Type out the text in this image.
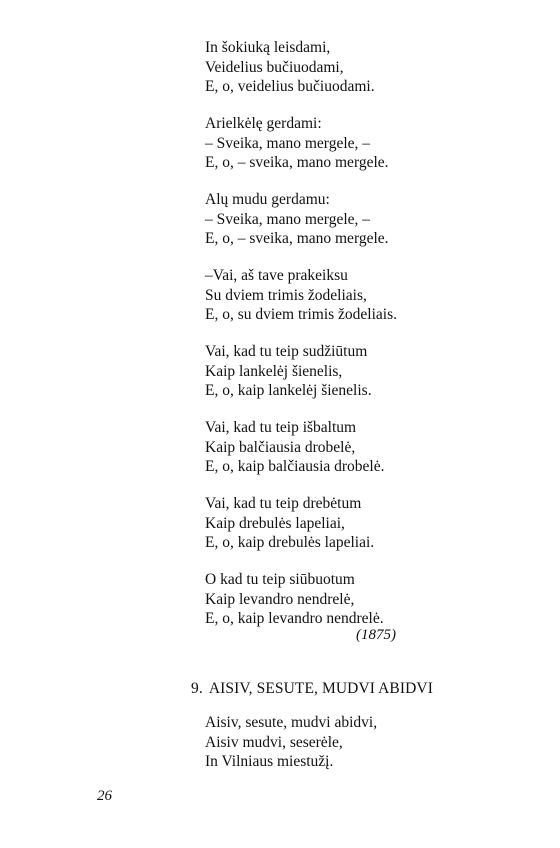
In šokiuką leisdami,
Veidelius bučiuodami,
E, o, veidelius bučiuodami.
Arielkėlę gerdami:
– Sveika, mano mergele, –
E, o, – sveika, mano mergele.
Alų mudu gerdamu:
– Sveika, mano mergele, –
E, o, – sveika, mano mergele.
–Vai, aš tave prakeiksu
Su dviem trimis žodeliais,
E, o, su dviem trimis žodeliais.
Vai, kad tu teip sudžiūtum
Kaip lankelėj šienelis,
E, o, kaip lankelėj šienelis.
Vai, kad tu teip išbaltum
Kaip balčiausia drobelė,
E, o, kaip balčiausia drobelė.
Vai, kad tu teip drebėtum
Kaip drebulės lapeliai,
E, o, kaip drebulės lapeliai.
O kad tu teip siūbuotum
Kaip levandro nendrelė,
E, o, kaip levandro nendrelė.
(1875)
9. AISIV, SESUTE, MUDVI ABIDVI
Aisiv, sesute, mudvi abidvi,
Aisiv mudvi, seserėle,
In Vilniaus miestužį.
26
